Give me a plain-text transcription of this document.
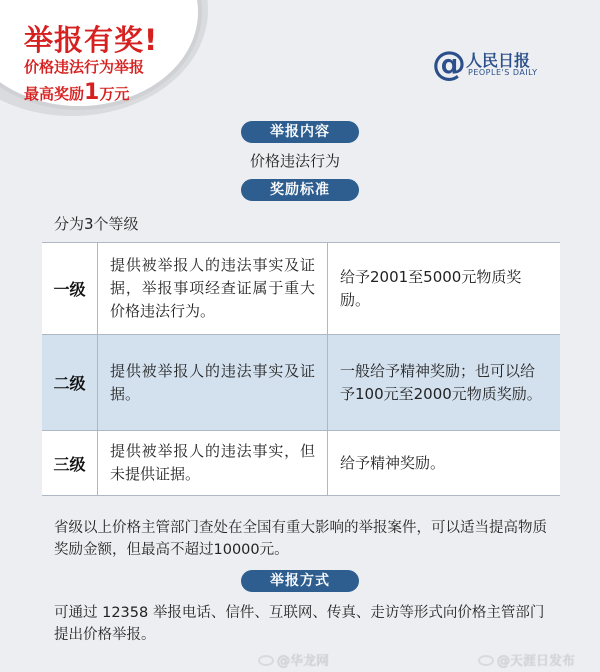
举报有奖!
价格违法行为举报
最高奖励1万元
@ 人民日报
PEOPLE'S DAILY
举报内容
价格违法行为
奖励标准
分为3个等级
一级
提供被举报人的违法事实及证据，举报事项经查证属于重大价格违法行为。
给予2001至5000元物质奖励。
二级
提供被举报人的违法事实及证据。
一般给予精神奖励；也可以给予100元至2000元物质奖励。
三级
提供被举报人的违法事实，但未提供证据。
给予精神奖励。
省级以上价格主管部门查处在全国有重大影响的举报案件，可以适当提高物质奖励金额，但最高不超过10000元。
举报方式
可通过 12358 举报电话、信件、互联网、传真、走访等形式向价格主管部门提出价格举报。
@华龙网	@天涯日发布
